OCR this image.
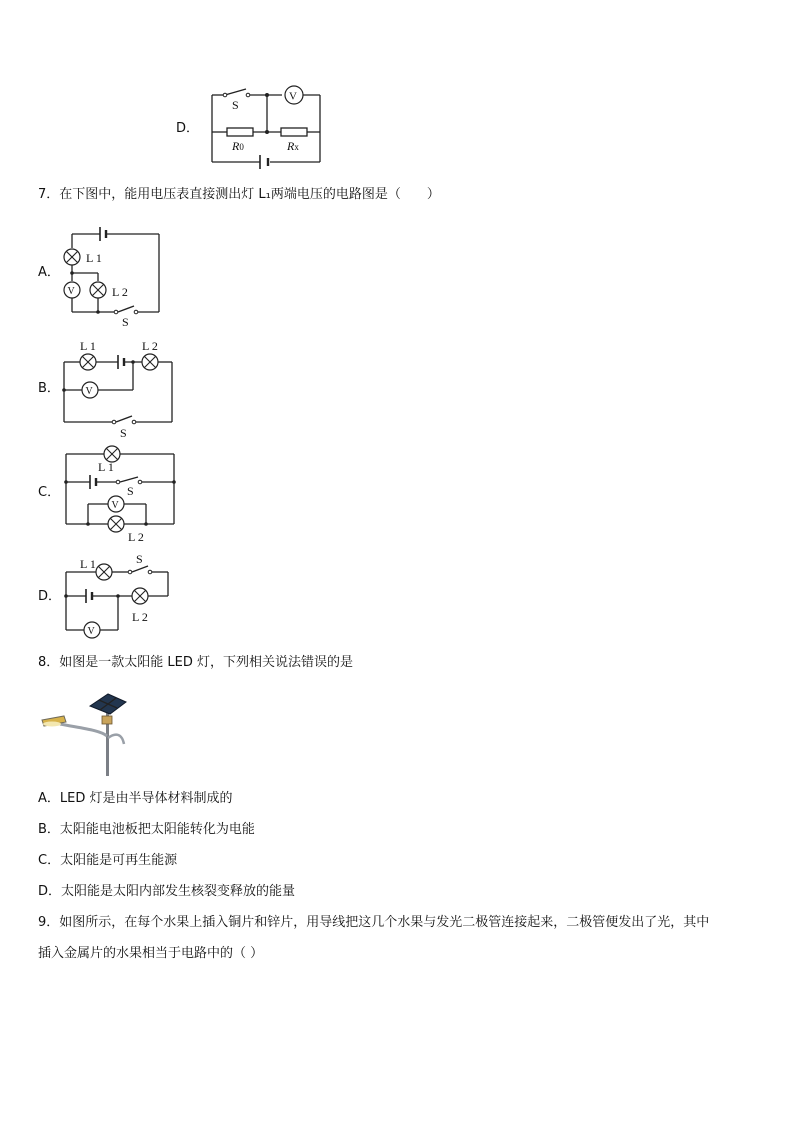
D．
S
V
R0	Rx
7．在下图中，能用电压表直接测出灯 L₁两端电压的电路图是（　　）
A．
L 1
V	L 2
S
B．
L 1	L 2
V
S
C．
L 1
S
V
L 2
D．
L 1	S
L 2
V
8．如图是一款太阳能 LED 灯，下列相关说法错误的是
A．LED 灯是由半导体材料制成的
B．太阳能电池板把太阳能转化为电能
C．太阳能是可再生能源
D．太阳能是太阳内部发生核裂变释放的能量
9．如图所示，在每个水果上插入铜片和锌片，用导线把这几个水果与发光二极管连接起来，二极管便发出了光，其中
插入金属片的水果相当于电路中的（ ）
